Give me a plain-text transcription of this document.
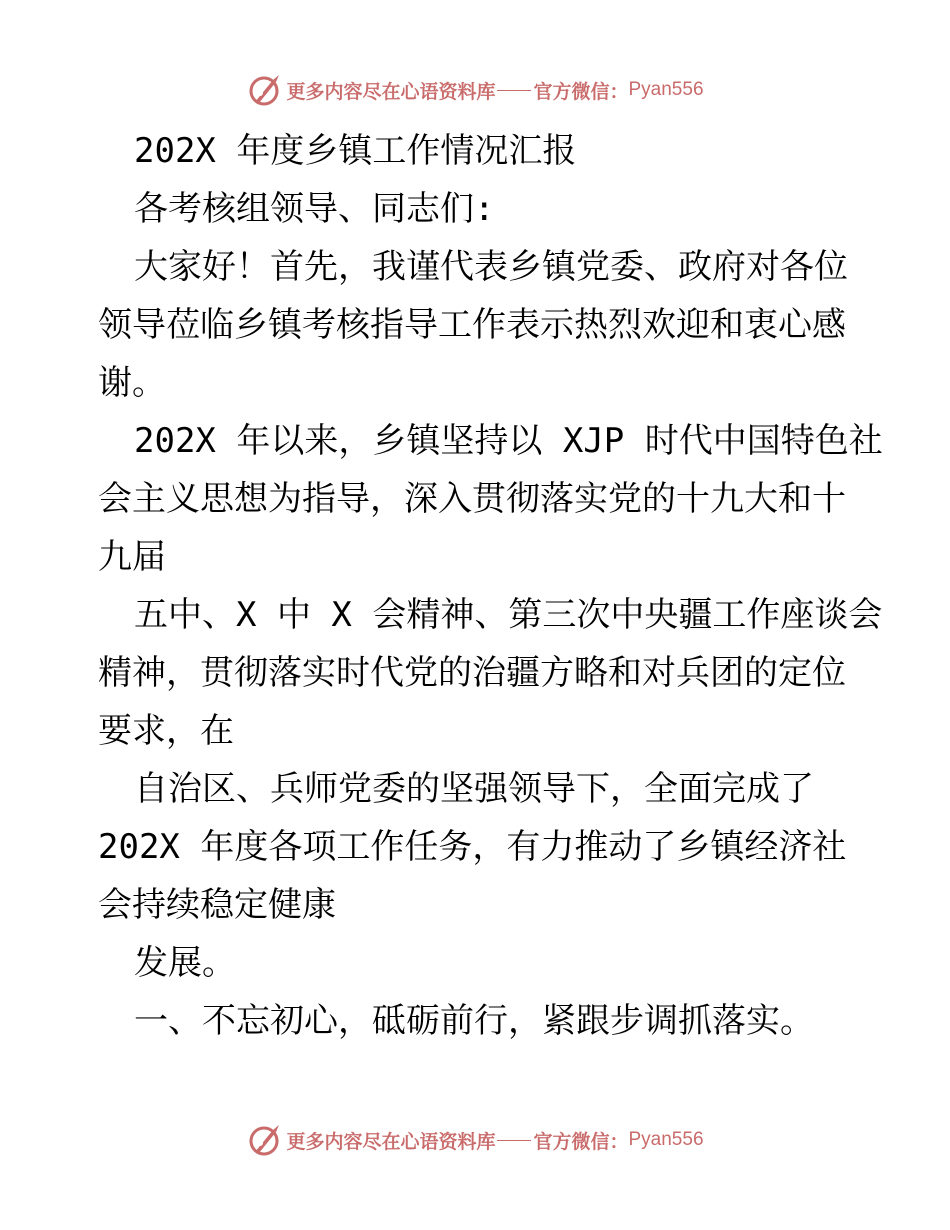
更多内容尽在心语资料库 官方微信： Pyan556
202X 年度乡镇工作情况汇报
各考核组领导、同志们:
大家好！首先，我谨代表乡镇党委、政府对各位
领导莅临乡镇考核指导工作表示热烈欢迎和衷心感
谢。
202X 年以来，乡镇坚持以 XJP 时代中国特色社
会主义思想为指导，深入贯彻落实党的十九大和十
九届
五中、X 中 X 会精神、第三次中央疆工作座谈会
精神，贯彻落实时代党的治疆方略和对兵团的定位
要求，在
自治区、兵师党委的坚强领导下，全面完成了
202X 年度各项工作任务，有力推动了乡镇经济社
会持续稳定健康
发展。
一、不忘初心，砥砺前行，紧跟步调抓落实。
更多内容尽在心语资料库 官方微信： Pyan556
